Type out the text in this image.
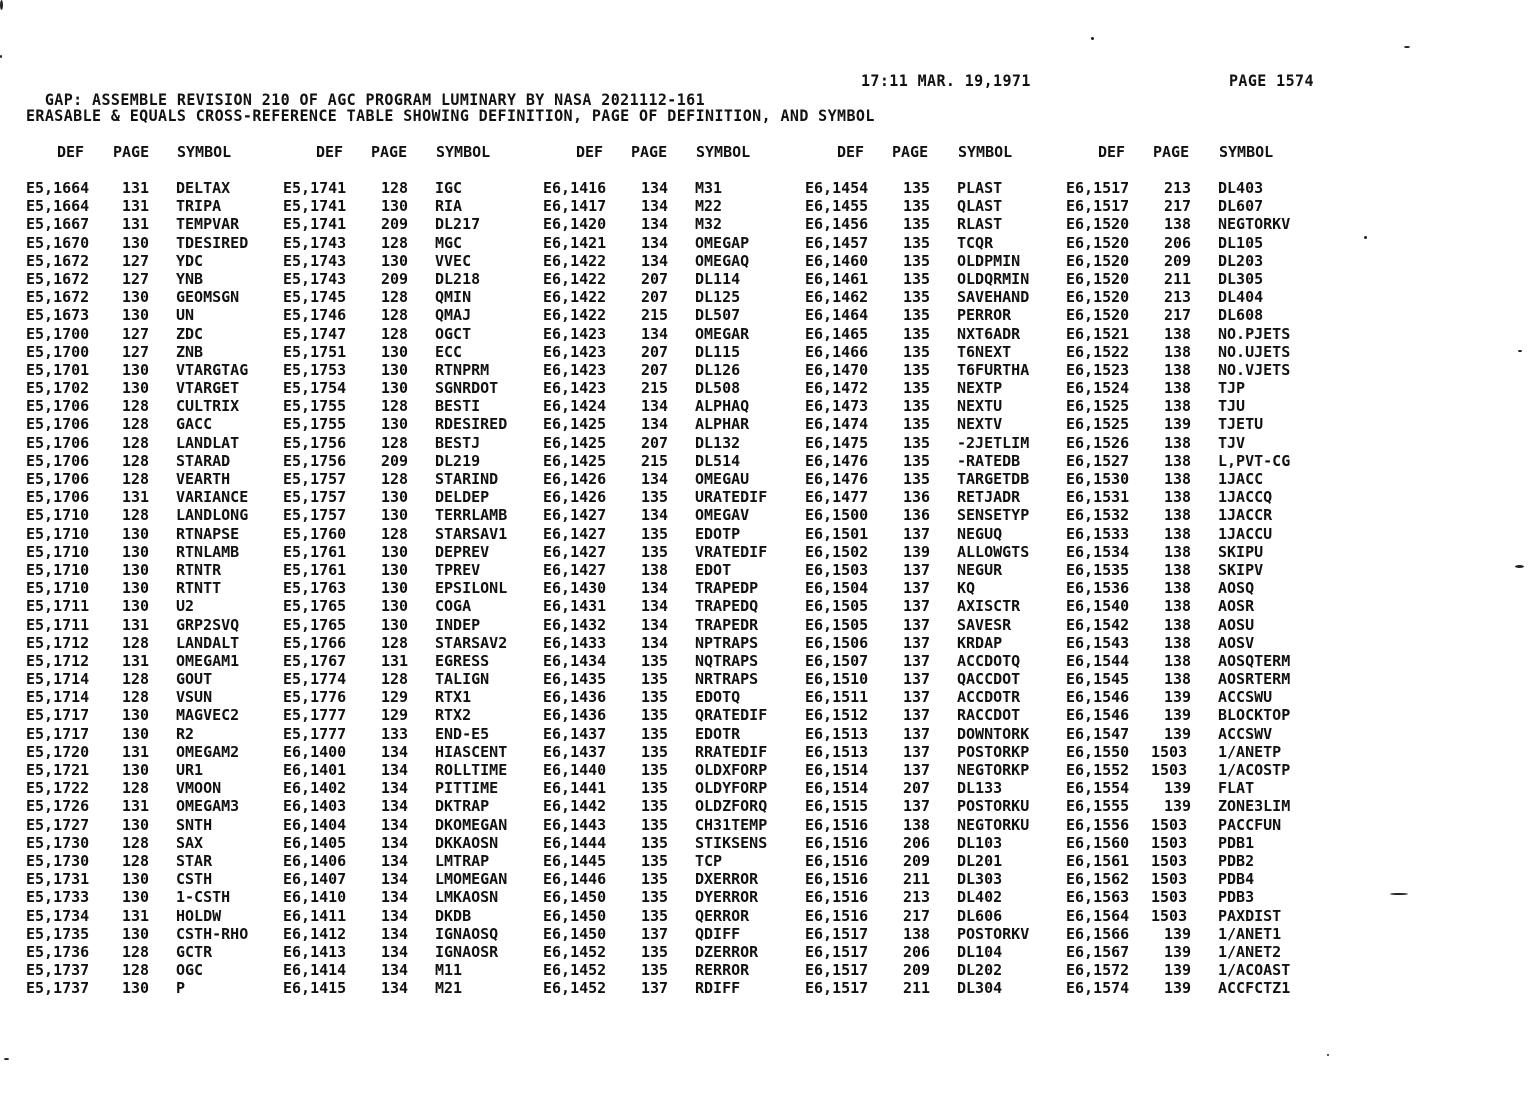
GAP: ASSEMBLE REVISION 210 OF AGC PROGRAM LUMINARY BY NASA 2021112-161

17:11 MAR. 19,1971

	PAGE 1574

ERASABLE & EQUALS CROSS-REFERENCE TABLE SHOWING DEFINITION, PAGE OF DEFINITION, AND SYMBOL
DEF PAGE SYMBOL	DEF PAGE SYMBOL	DEF PAGE SYMBOL	DEF PAGE SYMBOL	DEF PAGE SYMBOL
E5,1664 131 DELTAX	E5,1741 128 IGC	E6,1416 134 M31	E6,1454 135 PLAST	E6,1517 213 DL403
E5,1664 131 TRIPA	E5,1741 130 RIA	E6,1417 134 M22	E6,1455 135 QLAST	E6,1517 217 DL607
E5,1667 131 TEMPVAR	E5,1741 209 DL217	E6,1420 134 M32	E6,1456 135 RLAST	E6,1520 138 NEGTORKV
E5,1670 130 TDESIRED E5,1743 128 MGC	E6,1421 134 OMEGAP	E6,1457 135 TCQR	E6,1520 206 DL105
E5,1672 127 YDC	E5,1743 130 VVEC	E6,1422 134 OMEGAQ	E6,1460 135 OLDPMIN	E6,1520 209 DL203
E5,1672 127 YNB	E5,1743 209 DL218	E6,1422 207 DL114	E6,1461 135 OLDQRMIN E6,1520 211 DL305
E5,1672 130 GEOMSGN	E5,1745 128 QMIN	E6,1422 207 DL125	E6,1462 135 SAVEHAND E6,1520 213 DL404
E5,1673 130 UN	E5,1746 128 QMAJ	E6,1422 215 DL507	E6,1464 135 PERROR	E6,1520 217 DL608
E5,1700 127 ZDC	E5,1747 128 OGCT	E6,1423 134 OMEGAR	E6,1465 135 NXT6ADR	E6,1521 138 NO.PJETS
E5,1700 127 ZNB	E5,1751 130 ECC	E6,1423 207 DL115	E6,1466 135 T6NEXT	E6,1522 138 NO.UJETS
E5,1701 130 VTARGTAG E5,1753 130 RTNPRM	E6,1423 207 DL126	E6,1470 135 T6FURTHA E6,1523 138 NO.VJETS
E5,1702 130 VTARGET	E5,1754 130 SGNRDOT	E6,1423 215 DL508	E6,1472 135 NEXTP	E6,1524 138 TJP
E5,1706 128 CULTRIX	E5,1755 128 BESTI	E6,1424 134 ALPHAQ	E6,1473 135 NEXTU	E6,1525 138 TJU
E5,1706 128 GACC	E5,1755 130 RDESIRED E6,1425 134 ALPHAR	E6,1474 135 NEXTV	E6,1525 139 TJETU
E5,1706 128 LANDLAT	E5,1756 128 BESTJ	E6,1425 207 DL132	E6,1475 135 -2JETLIM E6,1526 138 TJV
E5,1706 128 STARAD	E5,1756 209 DL219	E6,1425 215 DL514	E6,1476 135 -RATEDB	E6,1527 138 L,PVT-CG
E5,1706 128 VEARTH	E5,1757 128 STARIND	E6,1426 134 OMEGAU	E6,1476 135 TARGETDB E6,1530 138 1JACC
E5,1706 131 VARIANCE E5,1757 130 DELDEP	E6,1426 135 URATEDIF	E6,1477 136 RETJADR	E6,1531 138 1JACCQ
E5,1710 128 LANDLONG E5,1757 130 TERRLAMB E6,1427 134 OMEGAV	E6,1500 136 SENSETYP E6,1532 138 1JACCR
E5,1710 130 RTNAPSE	E5,1760 128 STARSAV1 E6,1427 135 EDOTP	E6,1501 137 NEGUQ	E6,1533 138 1JACCU
E5,1710 130 RTNLAMB	E5,1761 130 DEPREV	E6,1427 135 VRATEDIF	E6,1502 139 ALLOWGTS E6,1534 138 SKIPU
E5,1710 130 RTNTR	E5,1761 130 TPREV	E6,1427 138 EDOT	E6,1503 137 NEGUR	E6,1535 138 SKIPV
E5,1710 130 RTNTT	E5,1763 130 EPSILONL E6,1430 134 TRAPEDP	E6,1504 137 KQ	E6,1536 138 AOSQ
E5,1711 130 U2	E5,1765 130 COGA	E6,1431 134 TRAPEDQ	E6,1505 137 AXISCTR	E6,1540 138 AOSR
E5,1711 131 GRP2SVQ	E5,1765 130 INDEP	E6,1432 134 TRAPEDR	E6,1505 137 SAVESR	E6,1542 138 AOSU
E5,1712 128 LANDALT	E5,1766 128 STARSAV2 E6,1433 134 NPTRAPS	E6,1506 137 KRDAP	E6,1543 138 AOSV
E5,1712 131 OMEGAM1	E5,1767 131 EGRESS	E6,1434 135 NQTRAPS	E6,1507 137 ACCDOTQ	E6,1544 138 AOSQTERM
E5,1714 128 GOUT	E5,1774 128 TALIGN	E6,1435 135 NRTRAPS	E6,1510 137 QACCDOT	E6,1545 138 AOSRTERM
E5,1714 128 VSUN	E5,1776 129 RTX1	E6,1436 135 EDOTQ	E6,1511 137 ACCDOTR	E6,1546 139 ACCSWU
E5,1717 130 MAGVEC2	E5,1777 129 RTX2	E6,1436 135 QRATEDIF	E6,1512 137 RACCDOT	E6,1546 139 BLOCKTOP
E5,1717 130 R2	E5,1777 133 END-E5	E6,1437 135 EDOTR	E6,1513 137 DOWNTORK E6,1547 139 ACCSWV
E5,1720 131 OMEGAM2	E6,1400 134 HIASCENT E6,1437 135 RRATEDIF	E6,1513 137 POSTORKP E6,1550 1503 1/ANETP
E5,1721 130 UR1	E6,1401 134 ROLLTIME E6,1440 135 OLDXFORP	E6,1514 137 NEGTORKP E6,1552 1503 1/ACOSTP
E5,1722 128 VMOON	E6,1402 134 PITTIME	E6,1441 135 OLDYFORP	E6,1514 207 DL133	E6,1554 139 FLAT
E5,1726 131 OMEGAM3	E6,1403 134 DKTRAP	E6,1442 135 OLDZFORQ	E6,1515 137 POSTORKU E6,1555 139 ZONE3LIM
E5,1727 130 SNTH	E6,1404 134 DKOMEGAN E6,1443 135 CH31TEMP	E6,1516 138 NEGTORKU E6,1556 1503 PACCFUN
E5,1730 128 SAX	E6,1405 134 DKKAOSN	E6,1444 135 STIKSENS	E6,1516 206 DL103	E6,1560 1503 PDB1
E5,1730 128 STAR	E6,1406 134 LMTRAP	E6,1445 135 TCP	E6,1516 209 DL201	E6,1561 1503 PDB2
E5,1731 130 CSTH	E6,1407 134 LMOMEGAN E6,1446 135 DXERROR	E6,1516 211 DL303	E6,1562 1503 PDB4
E5,1733 130 1-CSTH	E6,1410 134 LMKAOSN	E6,1450 135 DYERROR	E6,1516 213 DL402	E6,1563 1503 PDB3
E5,1734 131 HOLDW	E6,1411 134 DKDB	E6,1450 135 QERROR	E6,1516 217 DL606	E6,1564 1503 PAXDIST
E5,1735 130 CSTH-RHO E6,1412 134 IGNAOSQ	E6,1450 137 QDIFF	E6,1517 138 POSTORKV E6,1566 139 1/ANET1
E5,1736 128 GCTR	E6,1413 134 IGNAOSR	E6,1452 135 DZERROR	E6,1517 206 DL104	E6,1567 139 1/ANET2
E5,1737 128 OGC	E6,1414 134 M11	E6,1452 135 RERROR	E6,1517 209 DL202	E6,1572 139 1/ACOAST
E5,1737 130 P	E6,1415 134 M21	E6,1452 137 RDIFF	E6,1517 211 DL304	E6,1574 139 ACCFCTZ1
